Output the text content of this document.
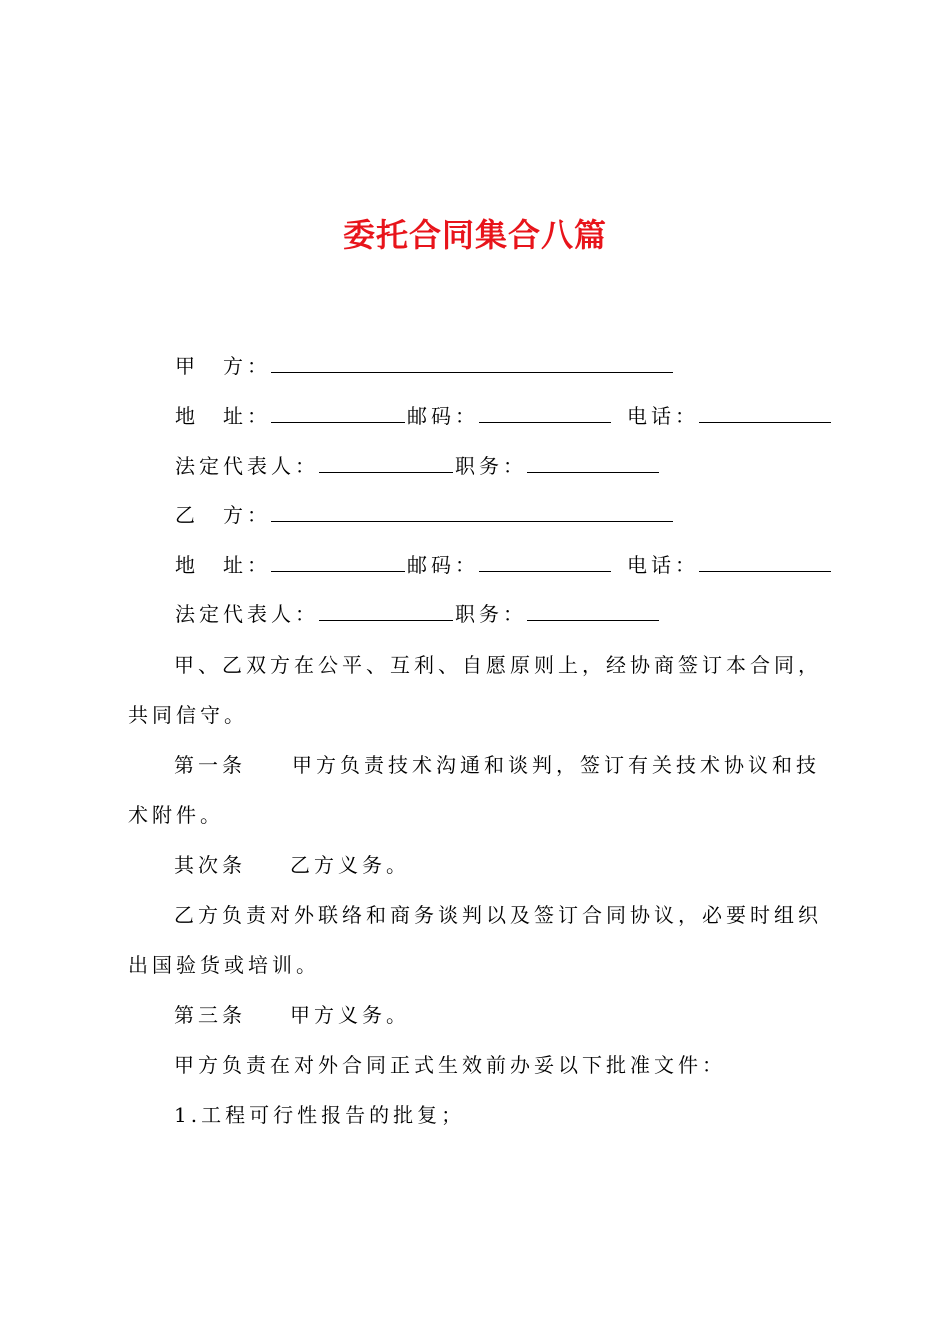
委托合同集合八篇
甲　方：
地　址：	邮码：	电话：
法定代表人：	职务：
乙　方：
地　址：	邮码：	电话：
法定代表人：	职务：
甲、乙双方在公平、互利、自愿原则上，经协商签订本合同，共同信守。
第一条 甲方负责技术沟通和谈判，签订有关技术协议和技术附件。
其次条 乙方义务。
乙方负责对外联络和商务谈判以及签订合同协议，必要时组织出国验货或培训。
第三条 甲方义务。
甲方负责在对外合同正式生效前办妥以下批准文件：
1.工程可行性报告的批复；
